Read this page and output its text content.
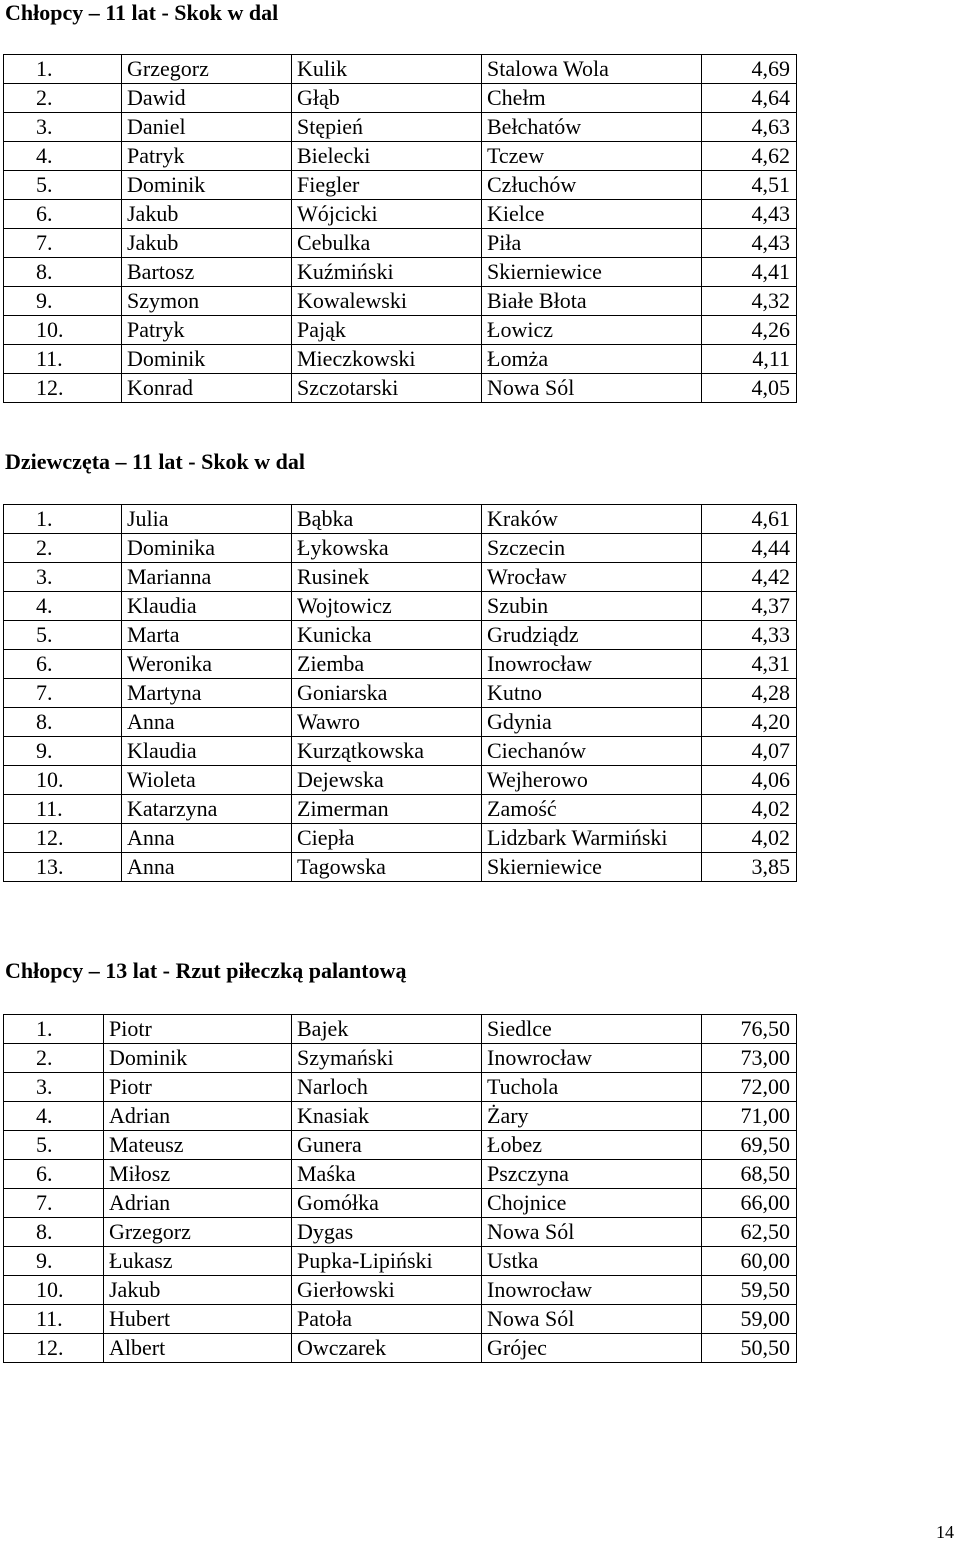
Chłopcy – 11 lat - Skok w dal
1.	Grzegorz	Kulik	Stalowa Wola	4,69
2.	Dawid	Głąb	Chełm	4,64
3.	Daniel	Stępień	Bełchatów	4,63
4.	Patryk	Bielecki	Tczew	4,62
5.	Dominik	Fiegler	Człuchów	4,51
6.	Jakub	Wójcicki	Kielce	4,43
7.	Jakub	Cebulka	Piła	4,43
8.	Bartosz	Kuźmiński	Skierniewice	4,41
9.	Szymon	Kowalewski	Białe Błota	4,32
10.	Patryk	Pająk	Łowicz	4,26
11.	Dominik	Mieczkowski	Łomża	4,11
12.	Konrad	Szczotarski	Nowa Sól	4,05
Dziewczęta – 11 lat - Skok w dal
1.	Julia	Bąbka	Kraków	4,61
2.	Dominika	Łykowska	Szczecin	4,44
3.	Marianna	Rusinek	Wrocław	4,42
4.	Klaudia	Wojtowicz	Szubin	4,37
5.	Marta	Kunicka	Grudziądz	4,33
6.	Weronika	Ziemba	Inowrocław	4,31
7.	Martyna	Goniarska	Kutno	4,28
8.	Anna	Wawro	Gdynia	4,20
9.	Klaudia	Kurzątkowska	Ciechanów	4,07
10.	Wioleta	Dejewska	Wejherowo	4,06
11.	Katarzyna	Zimerman	Zamość	4,02
12.	Anna	Ciepła	Lidzbark Warmiński	4,02
13.	Anna	Tagowska	Skierniewice	3,85
Chłopcy – 13 lat - Rzut piłeczką palantową
1.	Piotr	Bajek	Siedlce	76,50
2.	Dominik	Szymański	Inowrocław	73,00
3.	Piotr	Narloch	Tuchola	72,00
4.	Adrian	Knasiak	Żary	71,00
5.	Mateusz	Gunera	Łobez	69,50
6.	Miłosz	Maśka	Pszczyna	68,50
7.	Adrian	Gomółka	Chojnice	66,00
8.	Grzegorz	Dygas	Nowa Sól	62,50
9.	Łukasz	Pupka-Lipiński	Ustka	60,00
10.	Jakub	Gierłowski	Inowrocław	59,50
11.	Hubert	Patoła	Nowa Sól	59,00
12.	Albert	Owczarek	Grójec	50,50
14
